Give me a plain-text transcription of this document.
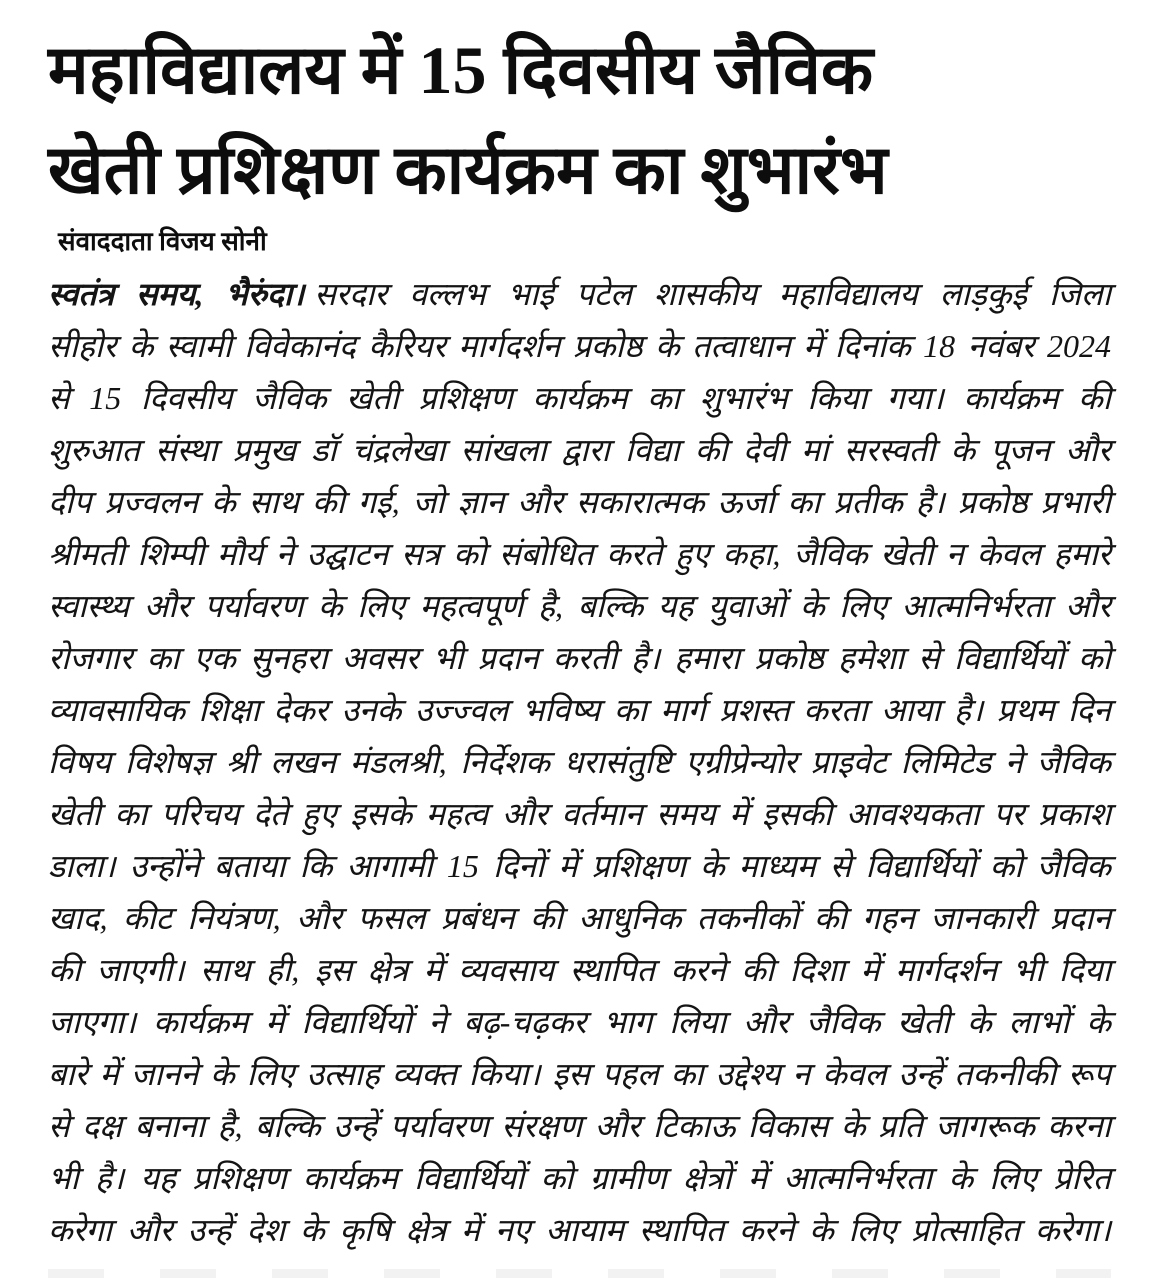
महाविद्यालय में 15 दिवसीय जैविक
खेती प्रशिक्षण कार्यक्रम का शुभारंभ
संवाददाता विजय सोनी
स्वतंत्र समय, भैरुंदा। सरदार वल्लभ भाई पटेल शासकीय महाविद्यालय लाड़कुई जिला
सीहोर के स्वामी विवेकानंद कैरियर मार्गदर्शन प्रकोष्ठ के तत्वाधान में दिनांक 18 नवंबर 2024
से 15 दिवसीय जैविक खेती प्रशिक्षण कार्यक्रम का शुभारंभ किया गया। कार्यक्रम की
शुरुआत संस्था प्रमुख डॉ चंद्रलेखा सांखला द्वारा विद्या की देवी मां सरस्वती के पूजन और
दीप प्रज्वलन के साथ की गई, जो ज्ञान और सकारात्मक ऊर्जा का प्रतीक है। प्रकोष्ठ प्रभारी
श्रीमती शिम्पी मौर्य ने उद्घाटन सत्र को संबोधित करते हुए कहा, जैविक खेती न केवल हमारे
स्वास्थ्य और पर्यावरण के लिए महत्वपूर्ण है, बल्कि यह युवाओं के लिए आत्मनिर्भरता और
रोजगार का एक सुनहरा अवसर भी प्रदान करती है। हमारा प्रकोष्ठ हमेशा से विद्यार्थियों को
व्यावसायिक शिक्षा देकर उनके उज्ज्वल भविष्य का मार्ग प्रशस्त करता आया है। प्रथम दिन
विषय विशेषज्ञ श्री लखन मंडलश्री, निर्देशक धरासंतुष्टि एग्रीप्रेन्योर प्राइवेट लिमिटेड ने जैविक
खेती का परिचय देते हुए इसके महत्व और वर्तमान समय में इसकी आवश्यकता पर प्रकाश
डाला। उन्होंने बताया कि आगामी 15 दिनों में प्रशिक्षण के माध्यम से विद्यार्थियों को जैविक
खाद, कीट नियंत्रण, और फसल प्रबंधन की आधुनिक तकनीकों की गहन जानकारी प्रदान
की जाएगी। साथ ही, इस क्षेत्र में व्यवसाय स्थापित करने की दिशा में मार्गदर्शन भी दिया
जाएगा। कार्यक्रम में विद्यार्थियों ने बढ़-चढ़कर भाग लिया और जैविक खेती के लाभों के
बारे में जानने के लिए उत्साह व्यक्त किया। इस पहल का उद्देश्य न केवल उन्हें तकनीकी रूप
से दक्ष बनाना है, बल्कि उन्हें पर्यावरण संरक्षण और टिकाऊ विकास के प्रति जागरूक करना
भी है। यह प्रशिक्षण कार्यक्रम विद्यार्थियों को ग्रामीण क्षेत्रों में आत्मनिर्भरता के लिए प्रेरित
करेगा और उन्हें देश के कृषि क्षेत्र में नए आयाम स्थापित करने के लिए प्रोत्साहित करेगा।
